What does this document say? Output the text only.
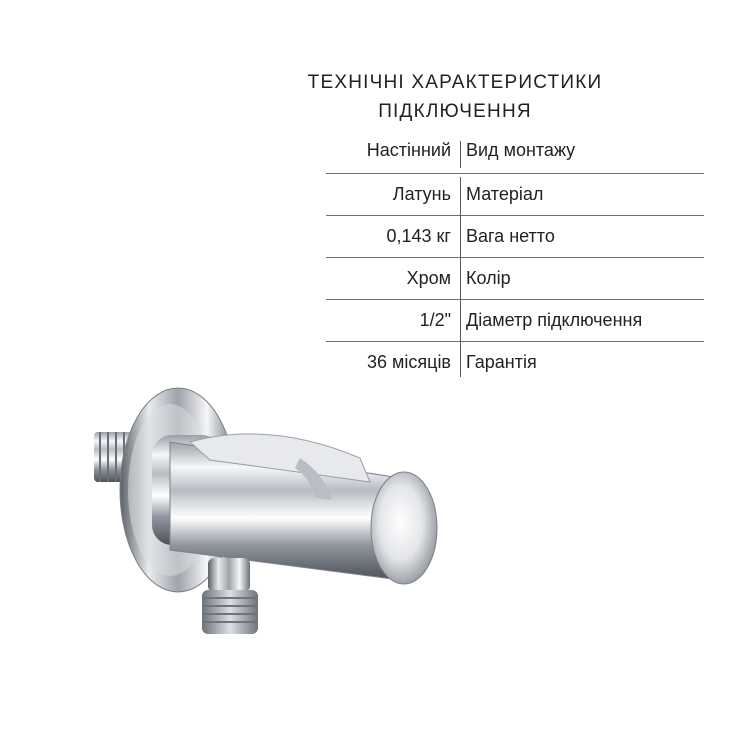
ТЕХНІЧНІ ХАРАКТЕРИСТИКИ
ПІДКЛЮЧЕННЯ
Настінний Вид монтажу
Латунь Матеріал
0,143 кг Вага нетто
Хром Колір
1/2" Діаметр підключення
36 місяців Гарантія
